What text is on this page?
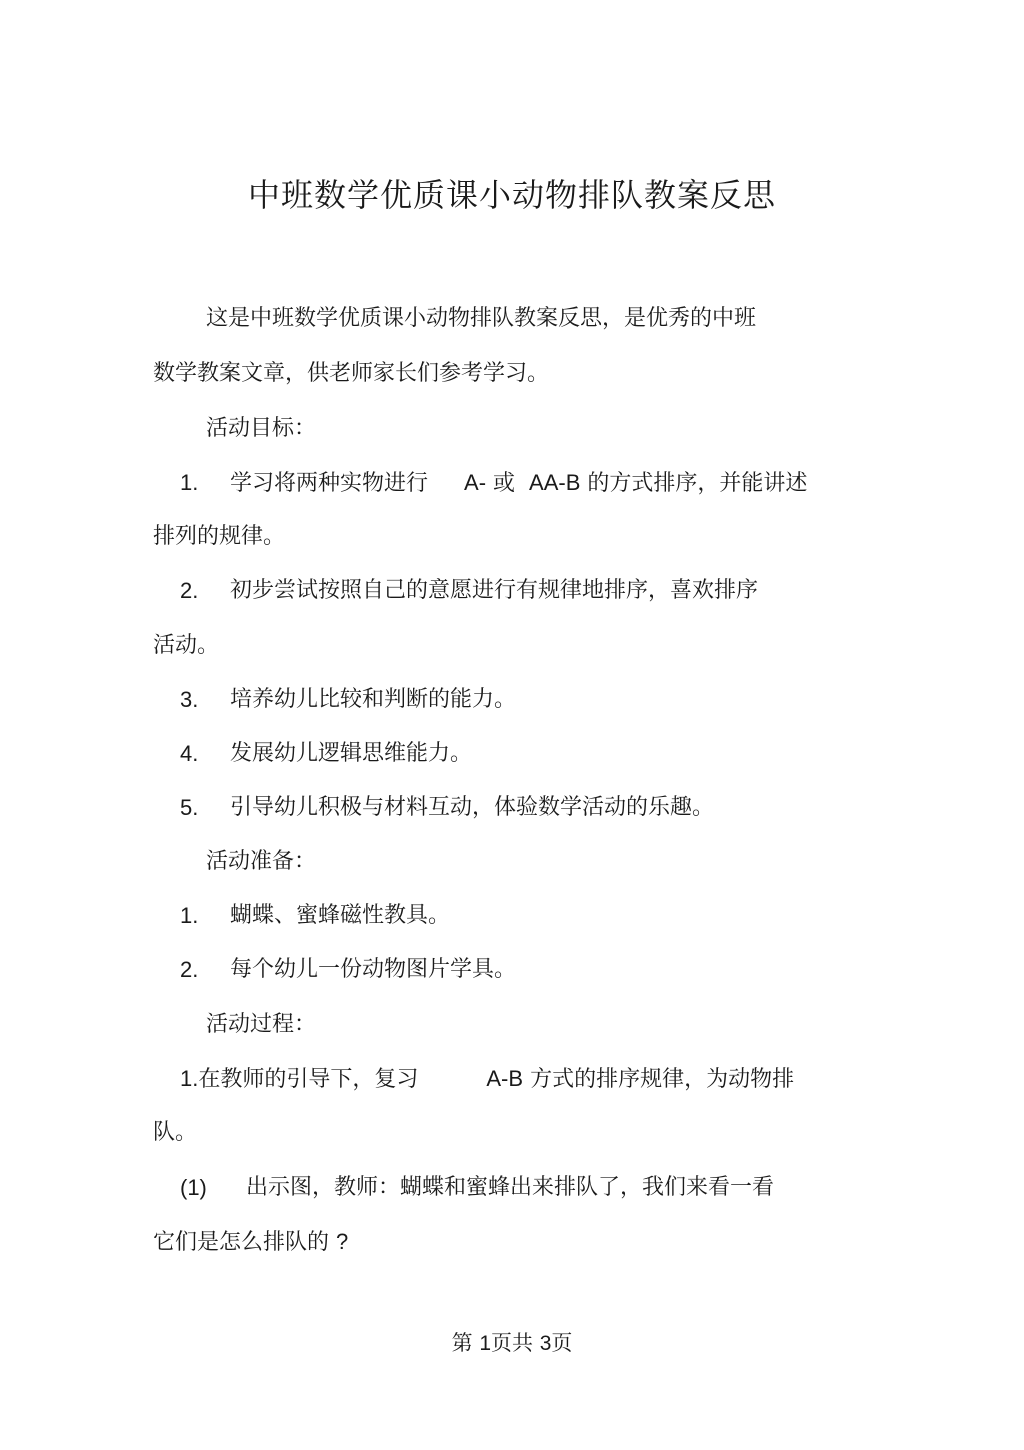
中班数学优质课小动物排队教案反思

这是中班数学优质课小动物排队教案反思，是优秀的中班

数学教案文章，供老师家长们参考学习。

活动目标：

1. 学习将两种实物进行 A- 或 AA-B 的方式排序，并能讲述

排列的规律。

2. 初步尝试按照自己的意愿进行有规律地排序，喜欢排序

活动。

3. 培养幼儿比较和判断的能力。

4. 发展幼儿逻辑思维能力。

5. 引导幼儿积极与材料互动，体验数学活动的乐趣。

活动准备：

1. 蝴蝶、蜜蜂磁性教具。

2. 每个幼儿一份动物图片学具。

活动过程：

1.在教师的引导下，复习	A-B 方式的排序规律，为动物排

队。

(1) 出示图，教师：蝴蝶和蜜蜂出来排队了，我们来看一看

它们是怎么排队的 ?

第 1页共 3页
